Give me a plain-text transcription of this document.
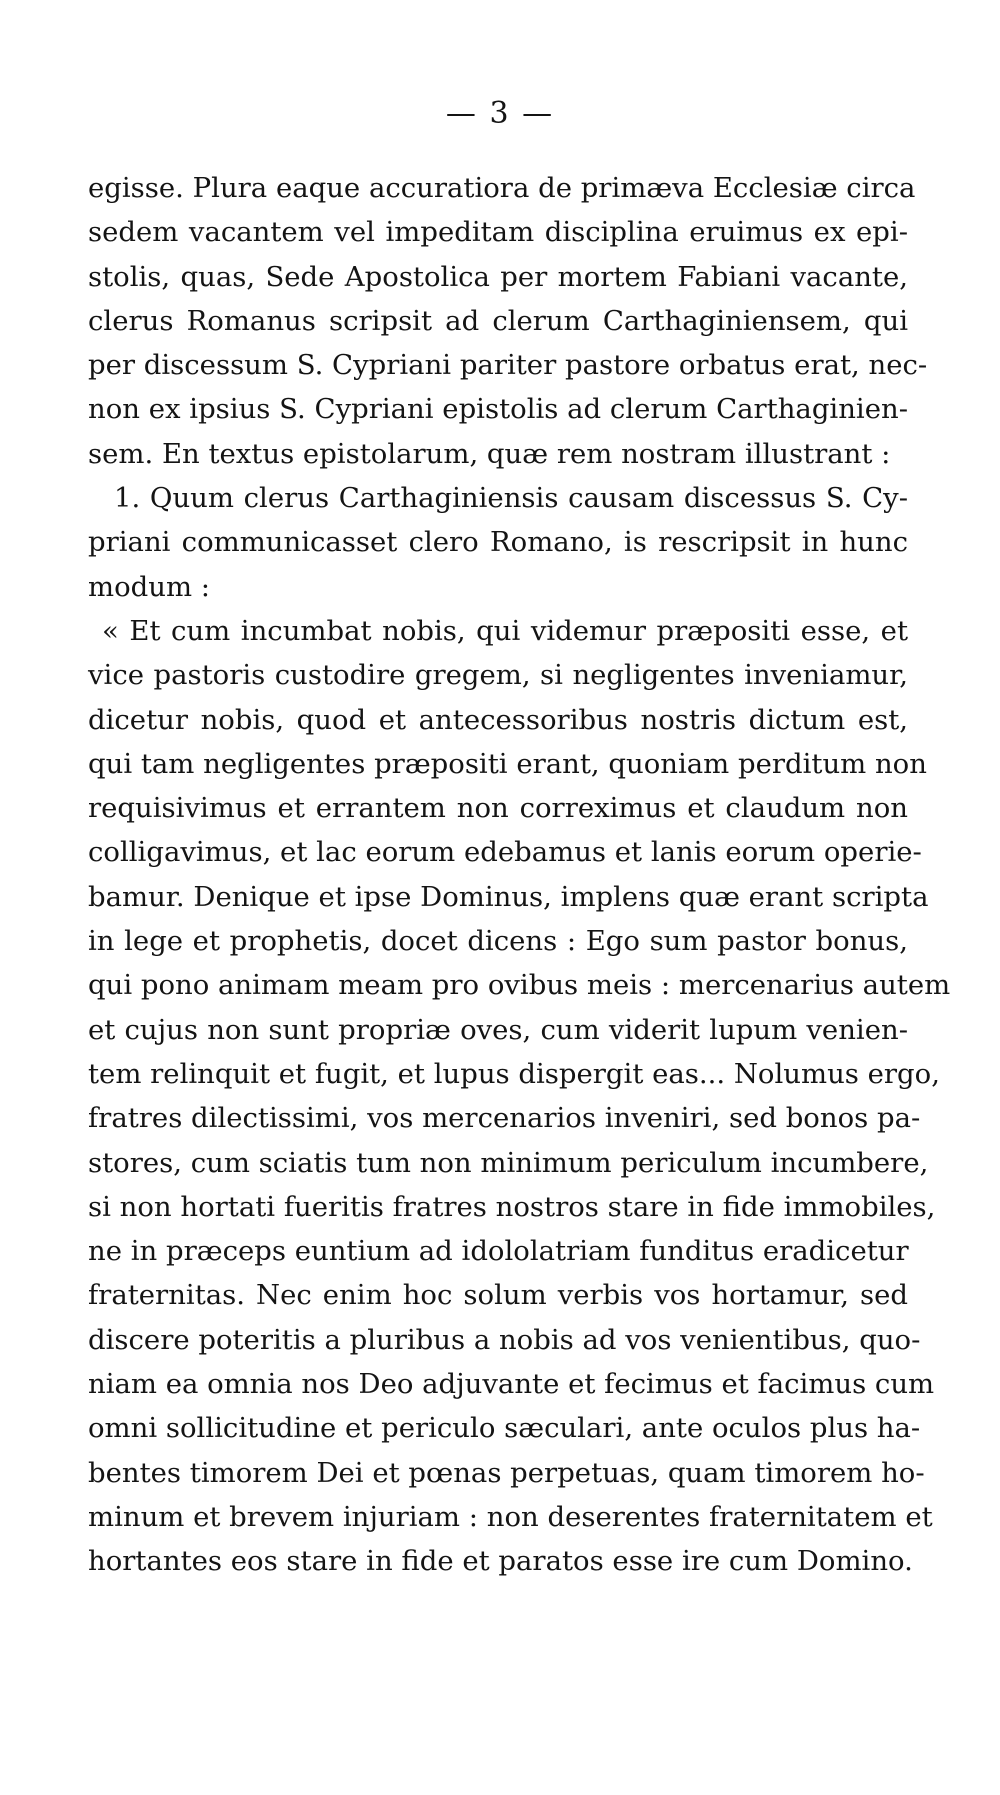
— 3 —
egisse. Plura eaque accuratiora de primæva Ecclesiæ circa
sedem vacantem vel impeditam disciplina eruimus ex epi-
stolis, quas, Sede Apostolica per mortem Fabiani vacante,
clerus Romanus scripsit ad clerum Carthaginiensem, qui
per discessum S. Cypriani pariter pastore orbatus erat, nec-
non ex ipsius S. Cypriani epistolis ad clerum Carthaginien-
sem. En textus epistolarum, quæ rem nostram illustrant :
1. Quum clerus Carthaginiensis causam discessus S. Cy-
priani communicasset clero Romano, is rescripsit in hunc
modum :
« Et cum incumbat nobis, qui videmur præpositi esse, et
vice pastoris custodire gregem, si negligentes inveniamur,
dicetur nobis, quod et antecessoribus nostris dictum est,
qui tam negligentes præpositi erant, quoniam perditum non
requisivimus et errantem non correximus et claudum non
colligavimus, et lac eorum edebamus et lanis eorum operie-
bamur. Denique et ipse Dominus, implens quæ erant scripta
in lege et prophetis, docet dicens : Ego sum pastor bonus,
qui pono animam meam pro ovibus meis : mercenarius autem
et cujus non sunt propriæ oves, cum viderit lupum venien-
tem relinquit et fugit, et lupus dispergit eas... Nolumus ergo,
fratres dilectissimi, vos mercenarios inveniri, sed bonos pa-
stores, cum sciatis tum non minimum periculum incumbere,
si non hortati fueritis fratres nostros stare in fide immobiles,
ne in præceps euntium ad idololatriam funditus eradicetur
fraternitas. Nec enim hoc solum verbis vos hortamur, sed
discere poteritis a pluribus a nobis ad vos venientibus, quo-
niam ea omnia nos Deo adjuvante et fecimus et facimus cum
omni sollicitudine et periculo sæculari, ante oculos plus ha-
bentes timorem Dei et pœnas perpetuas, quam timorem ho-
minum et brevem injuriam : non deserentes fraternitatem et
hortantes eos stare in fide et paratos esse ire cum Domino.
